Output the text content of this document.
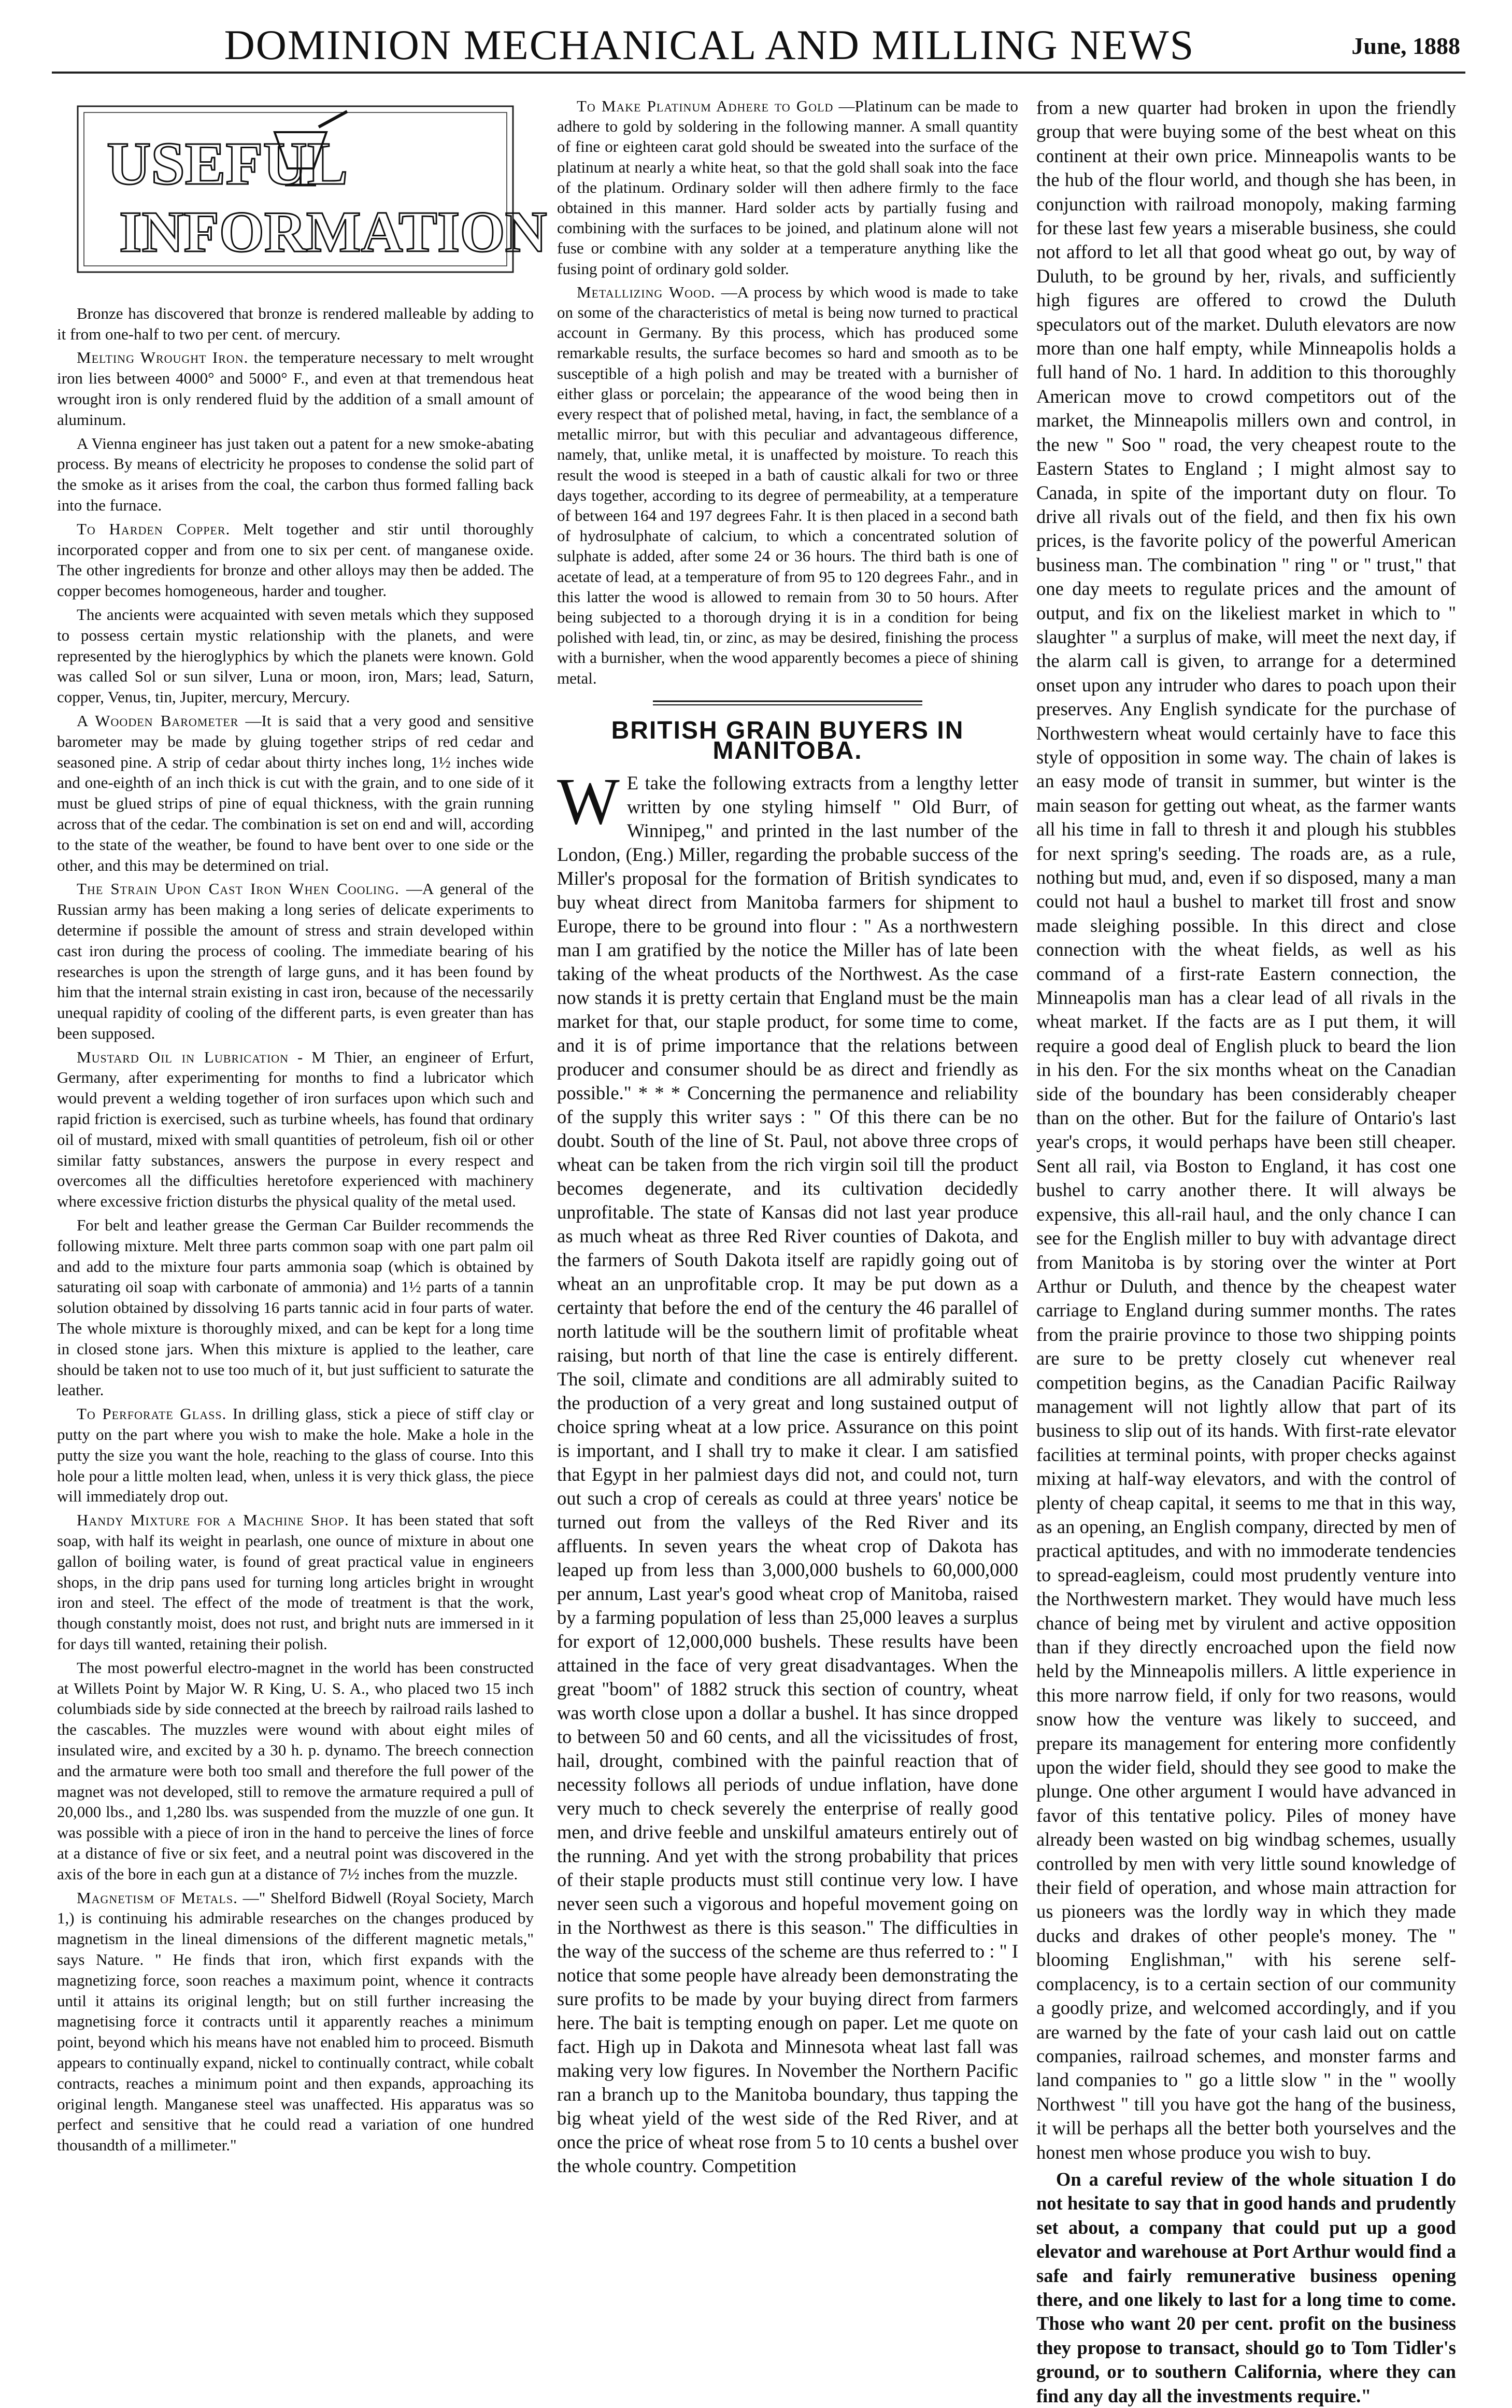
DOMINION MECHANICAL AND MILLING NEWS	June, 1888
USEFUL
INFORMATION

Bronze has discovered that bronze is rendered malleable by adding to it from one-half to two per cent. of mercury.

Melting Wrought Iron. the temperature necessary to melt wrought iron lies between 4000° and 5000° F., and even at that tremendous heat wrought iron is only rendered fluid by the addition of a small amount of aluminum.

A Vienna engineer has just taken out a patent for a new smoke-abating process. By means of electricity he proposes to condense the solid part of the smoke as it arises from the coal, the carbon thus formed falling back into the furnace.

To Harden Copper. Melt together and stir until thoroughly incorporated copper and from one to six per cent. of manganese oxide. The other ingredients for bronze and other alloys may then be added. The copper becomes homogeneous, harder and tougher.

The ancients were acquainted with seven metals which they supposed to possess certain mystic relationship with the planets, and were represented by the hieroglyphics by which the planets were known. Gold was called Sol or sun silver, Luna or moon, iron, Mars; lead, Saturn, copper, Venus, tin, Jupiter, mercury, Mercury.

A Wooden Barometer —It is said that a very good and sensitive barometer may be made by gluing together strips of red cedar and seasoned pine. A strip of cedar about thirty inches long, 1½ inches wide and one-eighth of an inch thick is cut with the grain, and to one side of it must be glued strips of pine of equal thickness, with the grain running across that of the cedar. The combination is set on end and will, according to the state of the weather, be found to have bent over to one side or the other, and this may be determined on trial.

The Strain Upon Cast Iron When Cooling. —A general of the Russian army has been making a long series of delicate experiments to determine if possible the amount of stress and strain developed within cast iron during the process of cooling. The immediate bearing of his researches is upon the strength of large guns, and it has been found by him that the internal strain existing in cast iron, because of the necessarily unequal rapidity of cooling of the different parts, is even greater than has been supposed.

Mustard Oil in Lubrication - M Thier, an engineer of Erfurt, Germany, after experimenting for months to find a lubricator which would prevent a welding together of iron surfaces upon which such and rapid friction is exercised, such as turbine wheels, has found that ordinary oil of mustard, mixed with small quantities of petroleum, fish oil or other similar fatty substances, answers the purpose in every respect and overcomes all the difficulties heretofore experienced with machinery where excessive friction disturbs the physical quality of the metal used.

For belt and leather grease the German Car Builder recommends the following mixture. Melt three parts common soap with one part palm oil and add to the mixture four parts ammonia soap (which is obtained by saturating oil soap with carbonate of ammonia) and 1½ parts of a tannin solution obtained by dissolving 16 parts tannic acid in four parts of water. The whole mixture is thoroughly mixed, and can be kept for a long time in closed stone jars. When this mixture is applied to the leather, care should be taken not to use too much of it, but just sufficient to saturate the leather.

To Perforate Glass. In drilling glass, stick a piece of stiff clay or putty on the part where you wish to make the hole. Make a hole in the putty the size you want the hole, reaching to the glass of course. Into this hole pour a little molten lead, when, unless it is very thick glass, the piece will immediately drop out.

Handy Mixture for a Machine Shop. It has been stated that soft soap, with half its weight in pearlash, one ounce of mixture in about one gallon of boiling water, is found of great practical value in engineers shops, in the drip pans used for turning long articles bright in wrought iron and steel. The effect of the mode of treatment is that the work, though constantly moist, does not rust, and bright nuts are immersed in it for days till wanted, retaining their polish.

The most powerful electro-magnet in the world has been constructed at Willets Point by Major W. R King, U. S. A., who placed two 15 inch columbiads side by side connected at the breech by railroad rails lashed to the cascables. The muzzles were wound with about eight miles of insulated wire, and excited by a 30 h. p. dynamo. The breech connection and the armature were both too small and therefore the full power of the magnet was not developed, still to remove the armature required a pull of 20,000 lbs., and 1,280 lbs. was suspended from the muzzle of one gun. It was possible with a piece of iron in the hand to perceive the lines of force at a distance of five or six feet, and a neutral point was discovered in the axis of the bore in each gun at a distance of 7½ inches from the muzzle.

Magnetism of Metals. —" Shelford Bidwell (Royal Society, March 1,) is continuing his admirable researches on the changes produced by magnetism in the lineal dimensions of the different magnetic metals," says Nature. " He finds that iron, which first expands with the magnetizing force, soon reaches a maximum point, whence it contracts until it attains its original length; but on still further increasing the magnetising force it contracts until it apparently reaches a minimum point, beyond which his means have not enabled him to proceed. Bismuth appears to continually expand, nickel to continually contract, while cobalt contracts, reaches a minimum point and then expands, approaching its original length. Manganese steel was unaffected. His apparatus was so perfect and sensitive that he could read a variation of one hundred thousandth of a millimeter."

To Make Platinum Adhere to Gold —Platinum can be made to adhere to gold by soldering in the following manner. A small quantity of fine or eighteen carat gold should be sweated into the surface of the platinum at nearly a white heat, so that the gold shall soak into the face of the platinum. Ordinary solder will then adhere firmly to the face obtained in this manner. Hard solder acts by partially fusing and combining with the surfaces to be joined, and platinum alone will not fuse or combine with any solder at a temperature anything like the fusing point of ordinary gold solder.

Metallizing Wood. —A process by which wood is made to take on some of the characteristics of metal is being now turned to practical account in Germany. By this process, which has produced some remarkable results, the surface becomes so hard and smooth as to be susceptible of a high polish and may be treated with a burnisher of either glass or porcelain; the appearance of the wood being then in every respect that of polished metal, having, in fact, the semblance of a metallic mirror, but with this peculiar and advantageous difference, namely, that, unlike metal, it is unaffected by moisture. To reach this result the wood is steeped in a bath of caustic alkali for two or three days together, according to its degree of permeability, at a temperature of between 164 and 197 degrees Fahr. It is then placed in a second bath of hydrosulphate of calcium, to which a concentrated solution of sulphate is added, after some 24 or 36 hours. The third bath is one of acetate of lead, at a temperature of from 95 to 120 degrees Fahr., and in this latter the wood is allowed to remain from 30 to 50 hours. After being subjected to a thorough drying it is in a condition for being polished with lead, tin, or zinc, as may be desired, finishing the process with a burnisher, when the wood apparently becomes a piece of shining metal.

BRITISH GRAIN BUYERS IN MANITOBA.

W E take the following extracts from a lengthy letter written by one styling himself " Old Burr, of Winnipeg," and printed in the last number of the London, (Eng.) Miller, regarding the probable success of the Miller's proposal for the formation of British syndicates to buy wheat direct from Manitoba farmers for shipment to Europe, there to be ground into flour : " As a northwestern man I am gratified by the notice the Miller has of late been taking of the wheat products of the Northwest. As the case now stands it is pretty certain that England must be the main market for that, our staple product, for some time to come, and it is of prime importance that the relations between producer and consumer should be as direct and friendly as possible." * * * Concerning the permanence and reliability of the supply this writer says : " Of this there can be no doubt. South of the line of St. Paul, not above three crops of wheat can be taken from the rich virgin soil till the product becomes degenerate, and its cultivation decidedly unprofitable. The state of Kansas did not last year produce as much wheat as three Red River counties of Dakota, and the farmers of South Dakota itself are rapidly going out of wheat an an unprofitable crop. It may be put down as a certainty that before the end of the century the 46 parallel of north latitude will be the southern limit of profitable wheat raising, but north of that line the case is entirely different. The soil, climate and conditions are all admirably suited to the production of a very great and long sustained output of choice spring wheat at a low price. Assurance on this point is important, and I shall try to make it clear. I am satisfied that Egypt in her palmiest days did not, and could not, turn out such a crop of cereals as could at three years' notice be turned out from the valleys of the Red River and its affluents. In seven years the wheat crop of Dakota has leaped up from less than 3,000,000 bushels to 60,000,000 per annum, Last year's good wheat crop of Manitoba, raised by a farming population of less than 25,000 leaves a surplus for export of 12,000,000 bushels. These results have been attained in the face of very great disadvantages. When the great "boom" of 1882 struck this section of country, wheat was worth close upon a dollar a bushel. It has since dropped to between 50 and 60 cents, and all the vicissitudes of frost, hail, drought, combined with the painful reaction that of necessity follows all periods of undue inflation, have done very much to check severely the enterprise of really good men, and drive feeble and unskilful amateurs entirely out of the running. And yet with the strong probability that prices of their staple products must still continue very low. I have never seen such a vigorous and hopeful movement going on in the Northwest as there is this season." The difficulties in the way of the success of the scheme are thus referred to : " I notice that some people have already been demonstrating the sure profits to be made by your buying direct from farmers here. The bait is tempting enough on paper. Let me quote on fact. High up in Dakota and Minnesota wheat last fall was making very low figures. In November the Northern Pacific ran a branch up to the Manitoba boundary, thus tapping the big wheat yield of the west side of the Red River, and at once the price of wheat rose from 5 to 10 cents a bushel over the whole country. Competition

from a new quarter had broken in upon the friendly group that were buying some of the best wheat on this continent at their own price. Minneapolis wants to be the hub of the flour world, and though she has been, in conjunction with railroad monopoly, making farming for these last few years a miserable business, she could not afford to let all that good wheat go out, by way of Duluth, to be ground by her, rivals, and sufficiently high figures are offered to crowd the Duluth speculators out of the market. Duluth elevators are now more than one half empty, while Minneapolis holds a full hand of No. 1 hard. In addition to this thoroughly American move to crowd competitors out of the market, the Minneapolis millers own and control, in the new " Soo " road, the very cheapest route to the Eastern States to England ; I might almost say to Canada, in spite of the important duty on flour. To drive all rivals out of the field, and then fix his own prices, is the favorite policy of the powerful American business man. The combination " ring " or " trust," that one day meets to regulate prices and the amount of output, and fix on the likeliest market in which to " slaughter " a surplus of make, will meet the next day, if the alarm call is given, to arrange for a determined onset upon any intruder who dares to poach upon their preserves. Any English syndicate for the purchase of Northwestern wheat would certainly have to face this style of opposition in some way. The chain of lakes is an easy mode of transit in summer, but winter is the main season for getting out wheat, as the farmer wants all his time in fall to thresh it and plough his stubbles for next spring's seeding. The roads are, as a rule, nothing but mud, and, even if so disposed, many a man could not haul a bushel to market till frost and snow made sleighing possible. In this direct and close connection with the wheat fields, as well as his command of a first-rate Eastern connection, the Minneapolis man has a clear lead of all rivals in the wheat market. If the facts are as I put them, it will require a good deal of English pluck to beard the lion in his den. For the six months wheat on the Canadian side of the boundary has been considerably cheaper than on the other. But for the failure of Ontario's last year's crops, it would perhaps have been still cheaper. Sent all rail, via Boston to England, it has cost one bushel to carry another there. It will always be expensive, this all-rail haul, and the only chance I can see for the English miller to buy with advantage direct from Manitoba is by storing over the winter at Port Arthur or Duluth, and thence by the cheapest water carriage to England during summer months. The rates from the prairie province to those two shipping points are sure to be pretty closely cut whenever real competition begins, as the Canadian Pacific Railway management will not lightly allow that part of its business to slip out of its hands. With first-rate elevator facilities at terminal points, with proper checks against mixing at half-way elevators, and with the control of plenty of cheap capital, it seems to me that in this way, as an opening, an English company, directed by men of practical aptitudes, and with no immoderate tendencies to spread-eagleism, could most prudently venture into the Northwestern market. They would have much less chance of being met by virulent and active opposition than if they directly encroached upon the field now held by the Minneapolis millers. A little experience in this more narrow field, if only for two reasons, would snow how the venture was likely to succeed, and prepare its management for entering more confidently upon the wider field, should they see good to make the plunge. One other argument I would have advanced in favor of this tentative policy. Piles of money have already been wasted on big windbag schemes, usually controlled by men with very little sound knowledge of their field of operation, and whose main attraction for us pioneers was the lordly way in which they made ducks and drakes of other people's money. The " blooming Englishman," with his serene self-complacency, is to a certain section of our community a goodly prize, and welcomed accordingly, and if you are warned by the fate of your cash laid out on cattle companies, railroad schemes, and monster farms and land companies to " go a little slow " in the " woolly Northwest " till you have got the hang of the business, it will be perhaps all the better both yourselves and the honest men whose produce you wish to buy.

On a careful review of the whole situation I do not hesitate to say that in good hands and prudently set about, a company that could put up a good elevator and warehouse at Port Arthur would find a safe and fairly remunerative business opening there, and one likely to last for a long time to come. Those who want 20 per cent. profit on the business they propose to transact, should go to Tom Tidler's ground, or to southern California, where they can find any day all the investments require."
